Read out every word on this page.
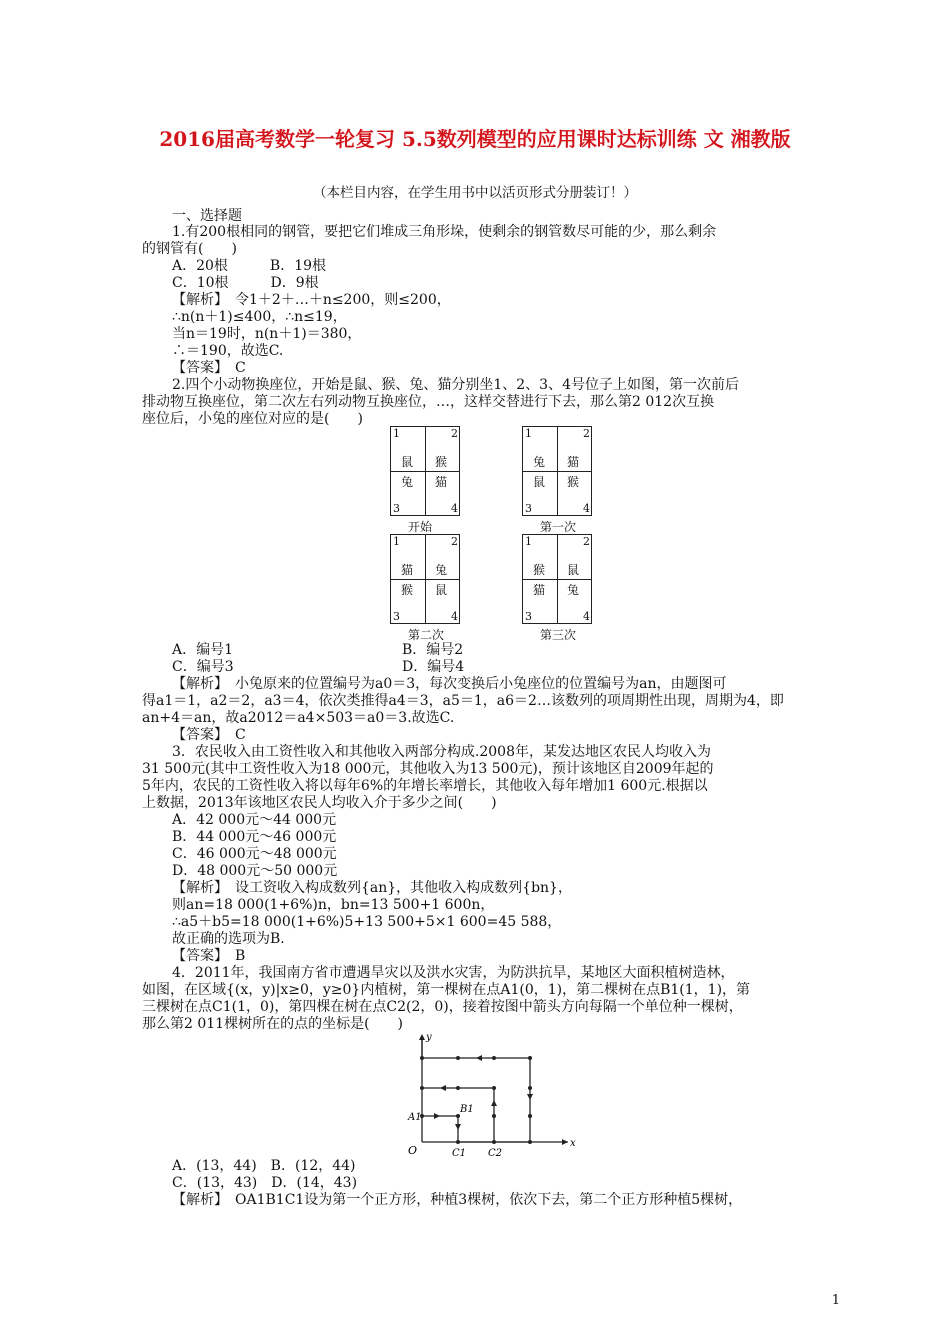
2016届高考数学一轮复习 5.5数列模型的应用课时达标训练 文 湘教版
（本栏目内容，在学生用书中以活页形式分册装订！）
一、选择题
1.有200根相同的钢管，要把它们堆成三角形垛，使剩余的钢管数尽可能的少，那么剩余
的钢管有(　　)
A．20根　　　B．19根
C．10根　　　D．9根
【解析】　令1＋2＋…＋n≤200，则≤200，
∴n(n＋1)≤400，∴n≤19，
当n＝19时，n(n＋1)＝380，
∴＝190，故选C.
【答案】　C
2.四个小动物换座位，开始是鼠、猴、兔、猫分别坐1、2、3、4号位子上如图，第一次前后
排动物互换座位，第二次左右列动物互换座位，…，这样交替进行下去，那么第2 012次互换
座位后，小兔的座位对应的是(　　)
1	2
3	4
鼠 猴
兔 猫
开始
1	2
3	4
兔 猫
鼠 猴
第一次
1	2
3	4
猫 兔
猴 鼠
第二次
1	2
3	4
猴 鼠
猫 兔
第三次
A．编号1	B．编号2
C．编号3	D．编号4
【解析】　小兔原来的位置编号为a0＝3，每次变换后小兔座位的位置编号为an，由题图可
得a1＝1，a2＝2，a3＝4，依次类推得a4＝3，a5＝1，a6＝2…该数列的项周期性出现，周期为4，即
an+4＝an，故a2012＝a4×503＝a0＝3.故选C.
【答案】　C
3．农民收入由工资性收入和其他收入两部分构成.2008年，某发达地区农民人均收入为
31 500元(其中工资性收入为18 000元，其他收入为13 500元)，预计该地区自2009年起的
5年内，农民的工资性收入将以每年6%的年增长率增长，其他收入每年增加1 600元.根据以
上数据，2013年该地区农民人均收入介于多少之间(　　)
A．42 000元～44 000元
B．44 000元～46 000元
C．46 000元～48 000元
D．48 000元～50 000元
【解析】　设工资收入构成数列{an}，其他收入构成数列{bn}，
则an=18 000(1+6%)n，bn=13 500+1 600n，
∴a5＋b5=18 000(1+6%)5+13 500+5×1 600=45 588，
故正确的选项为B.
【答案】　B
4．2011年，我国南方省市遭遇旱灾以及洪水灾害，为防洪抗旱，某地区大面积植树造林，
如图，在区域{(x，y)|x≥0，y≥0}内植树，第一棵树在点A1(0，1)，第二棵树在点B1(1，1)，第
三棵树在点C1(1，0)，第四棵在树在点C2(2，0)，接着按图中箭头方向每隔一个单位种一棵树，
那么第2 011棵树所在的点的坐标是(　　)
O
x
y
A1
B1
C1 C2
A．(13，44)　B．(12，44)
C．(13，43)　D．(14，43)
【解析】　OA1B1C1设为第一个正方形，种植3棵树，依次下去，第二个正方形种植5棵树，
1
